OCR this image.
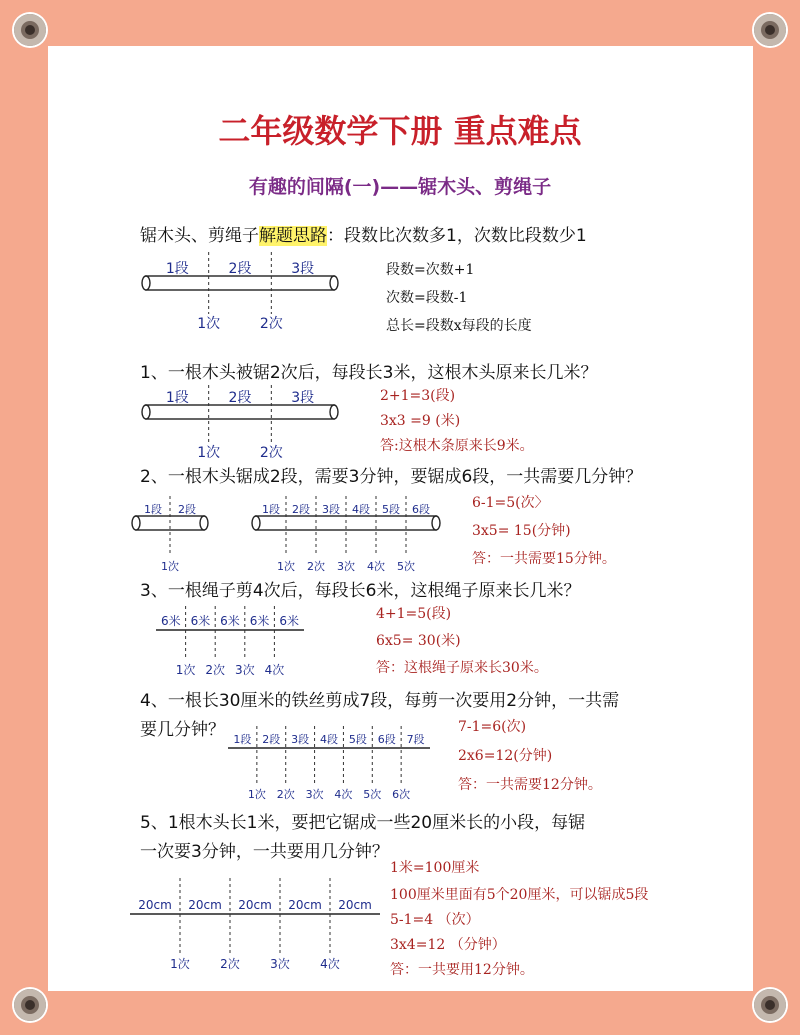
二年级数学下册 重点难点
有趣的间隔(一)——锯木头、剪绳子
锯木头、剪绳子解题思路：段数比次数多1，次数比段数少1
段数=次数+1
次数=段数-1
总长=段数x每段的长度
1、一根木头被锯2次后，每段长3米，这根木头原来长几米？
2+1=3(段)
3x3 =9 (米)
答:这根木条原来长9米。
2、一根木头锯成2段，需要3分钟，要锯成6段，一共需要几分钟？
6-1=5(次〉
3x5= 15(分钟)
答：一共需要15分钟。
3、一根绳子剪4次后，每段长6米，这根绳子原来长几米？
4+1=5(段)
6x5= 30(米)
答：这根绳子原来长30米。
4、一根长30厘米的铁丝剪成7段，每剪一次要用2分钟，一共需
要几分钟？	7-1=6(次)
2x6=12(分钟)
答：一共需要12分钟。
5、1根木头长1米，要把它锯成一些20厘米长的小段，每锯
一次要3分钟，一共要用几分钟？
1米=100厘米
100厘米里面有5个20厘米，可以锯成5段
5-1=4 （次）
3x4=12 （分钟）
答：一共要用12分钟。
1段	2段	3段
1次	2次
1段	2段	3段
1次	2次
1段 2段
1次
1段 2段 3段 4段 5段 6段
1次 2次 3次 4次 5次
6米 6米 6米 6米 6米
1次 2次 3次 4次
1段 2段 3段 4段 5段 6段 7段
1次 2次 3次 4次 5次 6次
20cm 20cm 20cm 20cm 20cm
1次	2次	3次	4次
